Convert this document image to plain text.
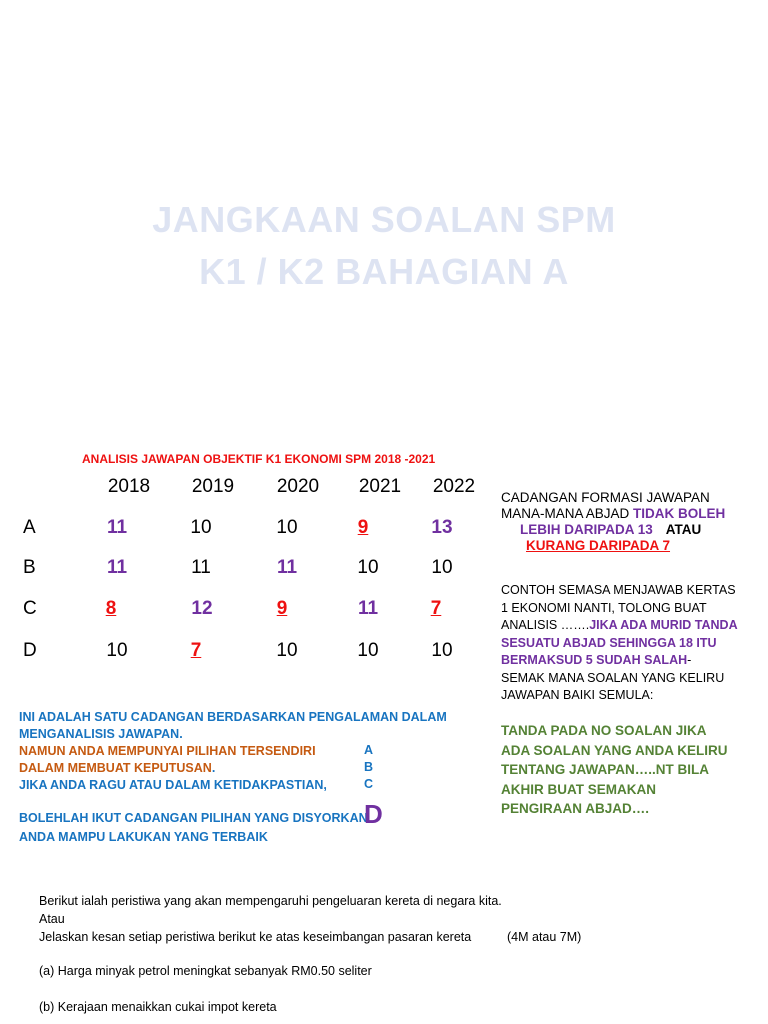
JANGKAAN SOALAN SPM
K1 / K2 BAHAGIAN A
ANALISIS JAWAPAN OBJEKTIF K1 EKONOMI SPM 2018 -2021
2018	2019	2020	2021	2022
A	11	10	10	9	13
B	11	11	11	10	10
C	8	12	9	11	7
D	10	7	10	10	10
CADANGAN FORMASI JAWAPAN
MANA-MANA ABJAD TIDAK BOLEH
LEBIH DARIPADA 13 ATAU
KURANG DARIPADA 7
CONTOH SEMASA MENJAWAB KERTAS
1 EKONOMI NANTI, TOLONG BUAT
ANALISIS …….JIKA ADA MURID TANDA
SESUATU ABJAD SEHINGGA 18 ITU
BERMAKSUD 5 SUDAH SALAH-
SEMAK MANA SOALAN YANG KELIRU
JAWAPAN BAIKI SEMULA:
TANDA PADA NO SOALAN JIKA
ADA SOALAN YANG ANDA KELIRU
TENTANG JAWAPAN…..NT BILA
AKHIR BUAT SEMAKAN
PENGIRAAN ABJAD….
INI ADALAH SATU CADANGAN BERDASARKAN PENGALAMAN DALAM
MENGANALISIS JAWAPAN.
NAMUN ANDA MEMPUNYAI PILIHAN TERSENDIRI
DALAM MEMBUAT KEPUTUSAN.
JIKA ANDA RAGU ATAU DALAM KETIDAKPASTIAN,
BOLEHLAH IKUT CADANGAN PILIHAN YANG DISYORKAN
ANDA MAMPU LAKUKAN YANG TERBAIK
A
B
C
D
Berikut ialah peristiwa yang akan mempengaruhi pengeluaran kereta di negara kita.
Atau
Jelaskan kesan setiap peristiwa berikut ke atas keseimbangan pasaran kereta	(4M atau 7M)
(a) Harga minyak petrol meningkat sebanyak RM0.50 seliter
(b) Kerajaan menaikkan cukai impot kereta
